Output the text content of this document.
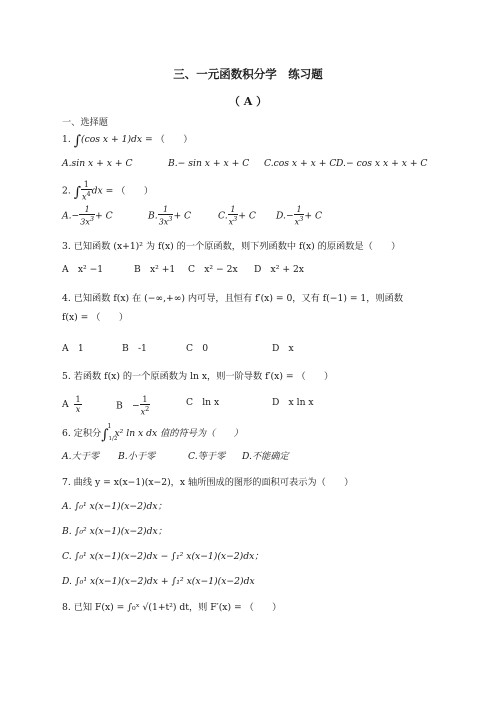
三、一元函数积分学　练习题
（ A ）
一、选择题
1. ∫(cos x + 1)dx = （　　）
A.sin x + x + C	B.− sin x + x + C C.cos x + x + C D.− cos x x + x + C
2. ∫ $\frac{1}{x^4}$ dx = （　　）
$A.- \frac{1}{3x^3} + C$	B. $\frac{1}{3x^3} + C$	C. $\frac{1}{x^3} + C$ $D.- \frac{1}{x^3} + C$
3. 已知函数 (x+1)² 为 f(x) 的一个原函数，则下列函数中 f(x) 的原函数是（　　）
A　x² −1	B　x² +1 C　x² − 2x D　x² + 2x
4. 已知函数 f(x) 在 (−∞,+∞) 内可导，且恒有 f′(x) = 0，又有 f(−1) = 1，则函数
f(x) = （　　）
A　1	B　-1	C　0	D　x
5. 若函数 f(x) 的一个原函数为 ln x，则一阶导数 f′(x) = （　　）
A $\frac{1}{x}$	B　− $\frac{1}{x^2}$	C　ln x	D　x ln x
6. 定积分$\int_{1/2}^1$ x² ln x dx 值的符号为（　　）
A.大于零 B.小于零	C.等于零 D.不能确定
7. 曲线 y = x(x−1)(x−2)，x 轴所围成的图形的面积可表示为（　　）
A. ∫₀¹ x(x−1)(x−2)dx；
B. ∫₀² x(x−1)(x−2)dx；
C. ∫₀¹ x(x−1)(x−2)dx − ∫₁² x(x−1)(x−2)dx；
D. ∫₀¹ x(x−1)(x−2)dx + ∫₁² x(x−1)(x−2)dx
8. 已知 F(x) = ∫₀ˣ √(1+t²) dt，则 F′(x) = （　　）
